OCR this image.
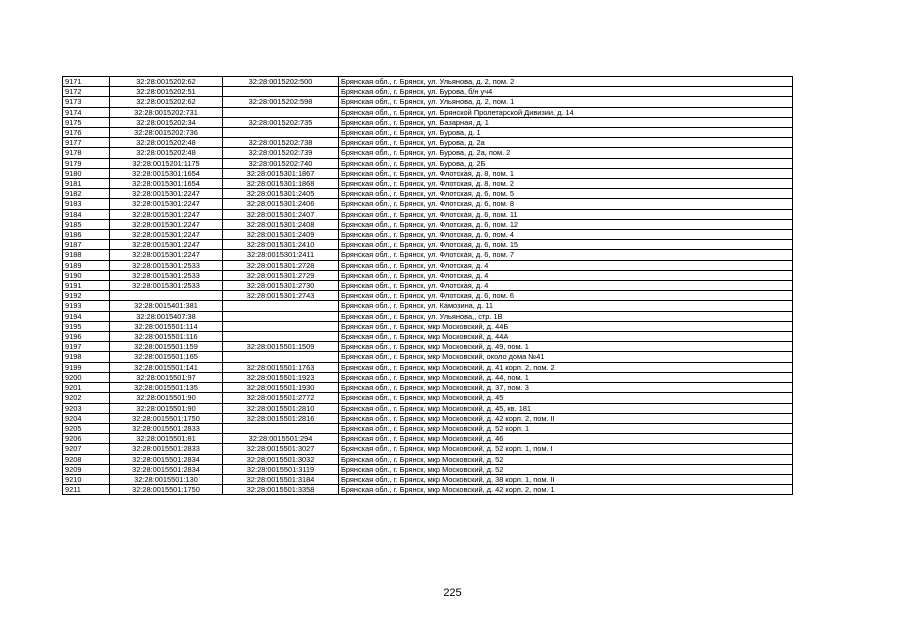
9171	32:28:0015202:62	32:28:0015202:500	Брянская обл., г. Брянск, ул. Ульянова, д. 2, пом. 2
9172	32:28:0015202:51		Брянская обл., г. Брянск, ул. Бурова, б/н уч4
9173	32:28:0015202:62	32:28:0015202:598	Брянская обл., г. Брянск, ул. Ульянова, д. 2, пом. 1
9174	32:28:0015202:731		Брянская обл., г. Брянск, ул. Брянской Пролетарской Дивизии, д. 14
9175	32:28:0015202:34	32:28:0015202:735	Брянская обл., г. Брянск, ул. Базарная, д. 1
9176	32:28:0015202:736		Брянская обл., г. Брянск, ул. Бурова, д. 1
9177	32:28:0015202:48	32:28:0015202:738	Брянская обл., г. Брянск, ул. Бурова, д. 2а
9178	32:28:0015202:48	32:28:0015202:739	Брянская обл., г. Брянск, ул. Бурова, д. 2а, пом. 2
9179	32:28:0015201:1175	32:28:0015202:740	Брянская обл., г. Брянск, ул. Бурова, д. 2Б
9180	32:28:0015301:1654	32:28:0015301:1867	Брянская обл., г. Брянск, ул. Флотская, д. 8, пом. 1
9181	32:28:0015301:1654	32:28:0015301:1868	Брянская обл., г. Брянск, ул. Флотская, д. 8, пом. 2
9182	32:28:0015301:2247	32:28:0015301:2405	Брянская обл., г. Брянск, ул. Флотская, д. 6, пом. 5
9183	32:28:0015301:2247	32:28:0015301:2406	Брянская обл., г. Брянск, ул. Флотская, д. 6, пом. 8
9184	32:28:0015301:2247	32:28:0015301:2407	Брянская обл., г. Брянск, ул. Флотская, д. 6, пом. 11
9185	32:28:0015301:2247	32:28:0015301:2408	Брянская обл., г. Брянск, ул. Флотская, д. 6, пом. 12
9186	32:28:0015301:2247	32:28:0015301:2409	Брянская обл., г. Брянск, ул. Флотская, д. 6, пом. 4
9187	32:28:0015301:2247	32:28:0015301:2410	Брянская обл., г. Брянск, ул. Флотская, д. 6, пом. 15
9188	32:28:0015301:2247	32:28:0015301:2411	Брянская обл., г. Брянск, ул. Флотская, д. 6, пом. 7
9189	32:28:0015301:2533	32:28:0015301:2728	Брянская обл., г. Брянск, ул. Флотская, д. 4
9190	32:28:0015301:2533	32:28:0015301:2729	Брянская обл., г. Брянск, ул. Флотская, д. 4
9191	32:28:0015301:2533	32:28:0015301:2730	Брянская обл., г. Брянск, ул. Флотская, д. 4
9192		32:28:0015301:2743	Брянская обл., г. Брянск, ул. Флотская, д. 6, пом. 6
9193	32:28:0015401:381		Брянская обл., г. Брянск, ул. Камозина, д. 11
9194	32:28:0015407:38		Брянская обл., г. Брянск, ул. Ульянова,, стр. 1В
9195	32:28:0015501:114		Брянская обл., г. Брянск, мкр Московский, д. 44Б
9196	32:28:0015501:116		Брянская обл., г. Брянск, мкр Московский, д. 44А
9197	32:28:0015501:159	32:28:0015501:1509	Брянская обл., г. Брянск, мкр Московский, д. 49, пом. 1
9198	32:28:0015501:165		Брянская обл., г. Брянск, мкр Московский, около дома №41
9199	32:28:0015501:141	32:28:0015501:1763	Брянская обл., г. Брянск, мкр Московский, д. 41 корп. 2, пом. 2
9200	32:28:0015501:97	32:28:0015501:1923	Брянская обл., г. Брянск, мкр Московский, д. 44, пом. 1
9201	32:28:0015501:135	32:28:0015501:1930	Брянская обл., г. Брянск, мкр Московский, д. 37, пом. 3
9202	32:28:0015501:90	32:28:0015501:2772	Брянская обл., г. Брянск, мкр Московский, д. 45
9203	32:28:0015501:90	32:28:0015501:2810	Брянская обл., г. Брянск, мкр Московский, д. 45, кв. 181
9204	32:28:0015501:1750	32:28:0015501:2816	Брянская обл., г. Брянск, мкр Московский, д. 42 корп. 2, пом. II
9205	32:28:0015501:2833		Брянская обл., г. Брянск, мкр Московский, д. 52 корп. 1
9206	32:28:0015501:81	32:28:0015501:294	Брянская обл., г. Брянск, мкр Московский, д. 46
9207	32:28:0015501:2833	32:28:0015501:3027	Брянская обл., г. Брянск, мкр Московский, д. 52 корп. 1, пом. I
9208	32:28:0015501:2834	32:28:0015501:3032	Брянская обл., г. Брянск, мкр Московский, д. 52
9209	32:28:0015501:2834	32:28:0015501:3119	Брянская обл., г. Брянск, мкр Московский, д. 52
9210	32:28:0015501:130	32:28:0015501:3184	Брянская обл., г. Брянск, мкр Московский, д. 38 корп. 1, пом. II
9211	32:28:0015501:1750	32:28:0015501:3358	Брянская обл., г. Брянск, мкр Московский, д. 42 корп. 2, пом. 1
225
